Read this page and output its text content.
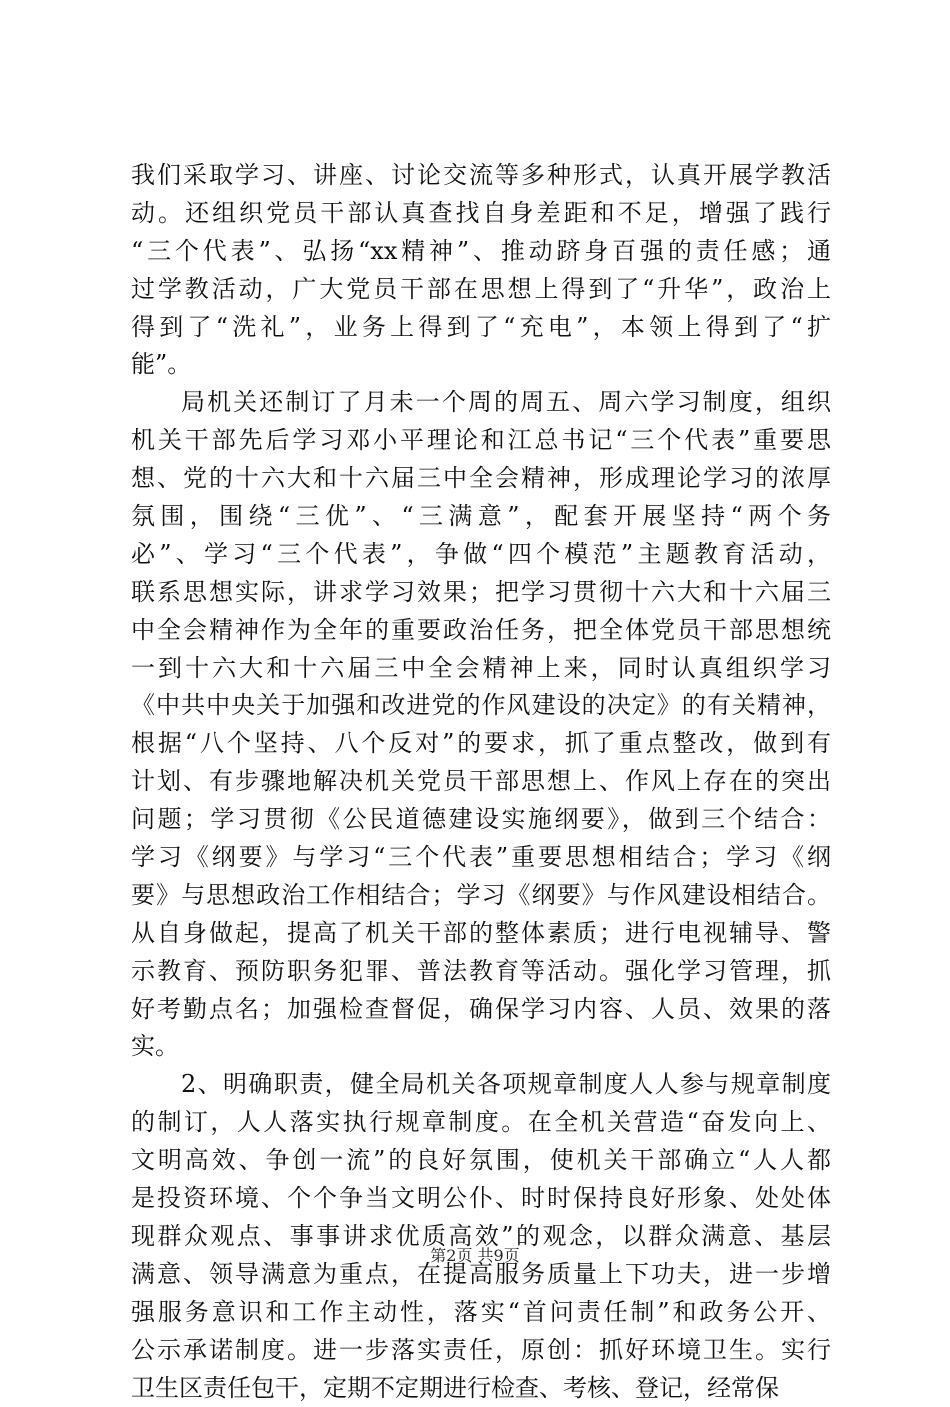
我们采取学习、讲座、讨论交流等多种形式，认真开展学教活
动。还组织党员干部认真查找自身差距和不足，增强了践行
“三个代表”、弘扬“xx精神”、推动跻身百强的责任感；通
过学教活动，广大党员干部在思想上得到了“升华”，政治上
得到了“洗礼”，业务上得到了“充电”，本领上得到了“扩
能”。
局机关还制订了月未一个周的周五、周六学习制度，组织
机关干部先后学习邓小平理论和江总书记“三个代表”重要思
想、党的十六大和十六届三中全会精神，形成理论学习的浓厚
氛围，围绕“三优”、“三满意”，配套开展坚持“两个务
必”、学习“三个代表”，争做“四个模范”主题教育活动，
联系思想实际，讲求学习效果；把学习贯彻十六大和十六届三
中全会精神作为全年的重要政治任务，把全体党员干部思想统
一到十六大和十六届三中全会精神上来，同时认真组织学习
《中共中央关于加强和改进党的作风建设的决定》的有关精神，
根据“八个坚持、八个反对”的要求，抓了重点整改，做到有
计划、有步骤地解决机关党员干部思想上、作风上存在的突出
问题；学习贯彻《公民道德建设实施纲要》，做到三个结合：
学习《纲要》与学习“三个代表”重要思想相结合；学习《纲
要》与思想政治工作相结合；学习《纲要》与作风建设相结合。
从自身做起，提高了机关干部的整体素质；进行电视辅导、警
示教育、预防职务犯罪、普法教育等活动。强化学习管理，抓
好考勤点名；加强检查督促，确保学习内容、人员、效果的落
实。
2、明确职责，健全局机关各项规章制度人人参与规章制度
的制订，人人落实执行规章制度。在全机关营造“奋发向上、
文明高效、争创一流”的良好氛围，使机关干部确立“人人都
是投资环境、个个争当文明公仆、时时保持良好形象、处处体
现群众观点、事事讲求优质高效”的观念，以群众满意、基层
满意、领导满意为重点，在提高服务质量上下功夫，进一步增
强服务意识和工作主动性，落实“首问责任制”和政务公开、
公示承诺制度。进一步落实责任，原创：抓好环境卫生。实行
卫生区责任包干，定期不定期进行检查、考核、登记，经常保
第2页 共9页
